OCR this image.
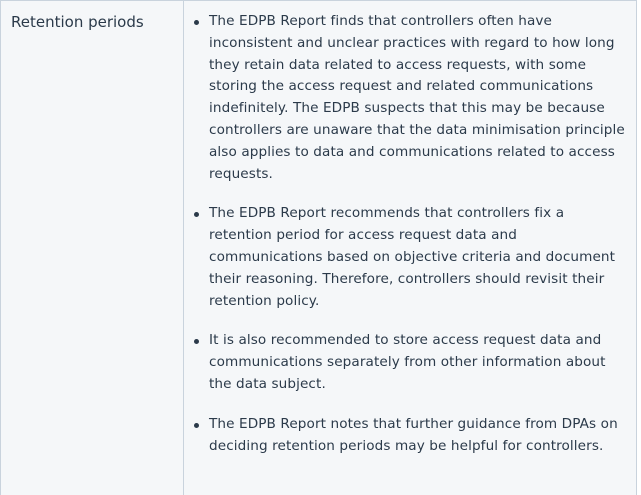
Retention periods	The EDPB Report finds that controllers often have inconsistent and unclear practices with regard to how long they retain data related to access requests, with some storing the access request and related communications indefinitely. The EDPB suspects that this may be because controllers are unaware that the data minimisation principle also applies to data and communications related to access requests.
The EDPB Report recommends that controllers fix a retention period for access request data and communications based on objective criteria and document their reasoning. Therefore, controllers should revisit their retention policy.
It is also recommended to store access request data and communications separately from other information about the data subject.
The EDPB Report notes that further guidance from DPAs on deciding retention periods may be helpful for controllers.
